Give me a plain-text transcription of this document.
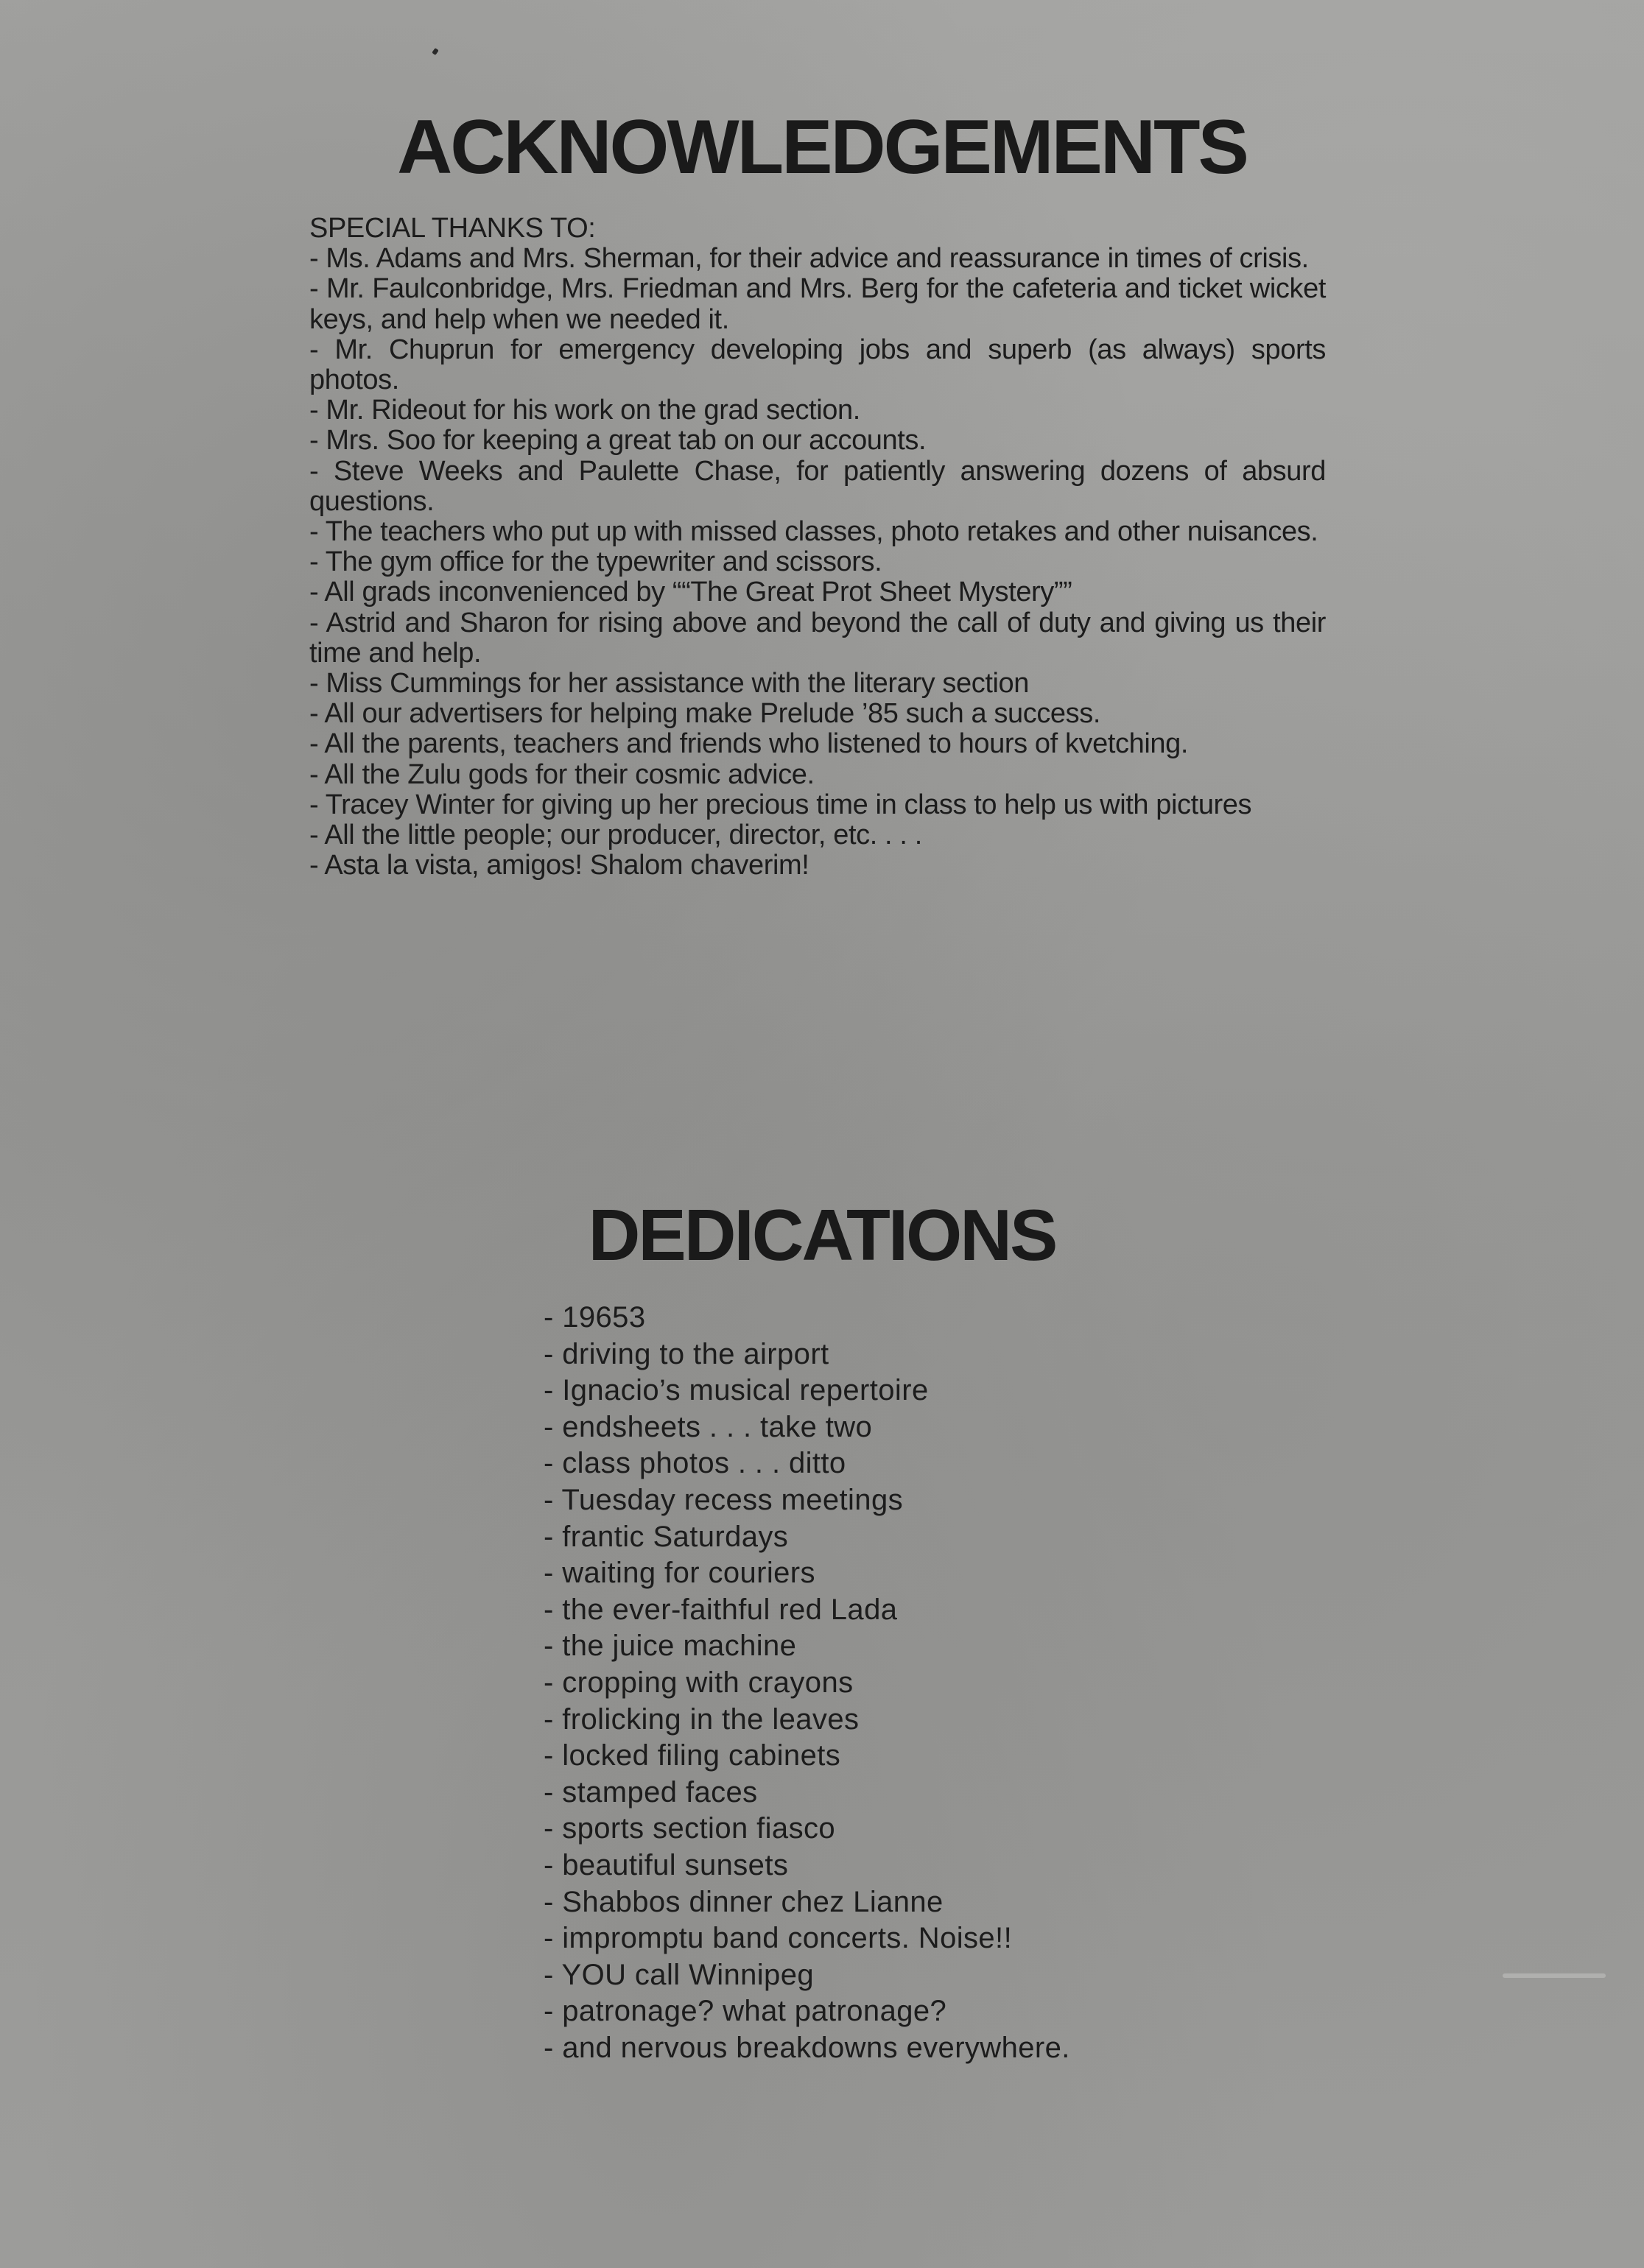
ACKNOWLEDGEMENTS
SPECIAL THANKS TO:
- Ms. Adams and Mrs. Sherman, for their advice and reassurance in times of crisis.
- Mr. Faulconbridge, Mrs. Friedman and Mrs. Berg for the cafeteria and ticket wicket keys, and help when we needed it.
- Mr. Chuprun for emergency developing jobs and superb (as always) sports photos.
- Mr. Rideout for his work on the grad section.
- Mrs. Soo for keeping a great tab on our accounts.
- Steve Weeks and Paulette Chase, for patiently answering dozens of absurd questions.
- The teachers who put up with missed classes, photo retakes and other nuisances.
- The gym office for the typewriter and scissors.
- All grads inconvenienced by ““The Great Prot Sheet Mystery””
- Astrid and Sharon for rising above and beyond the call of duty and giving us their time and help.
- Miss Cummings for her assistance with the literary section
- All our advertisers for helping make Prelude ’85 such a success.
- All the parents, teachers and friends who listened to hours of kvetching.
- All the Zulu gods for their cosmic advice.
- Tracey Winter for giving up her precious time in class to help us with pictures
- All the little people; our producer, director, etc. . . .
- Asta la vista, amigos! Shalom chaverim!
DEDICATIONS
- 19653
- driving to the airport
- Ignacio’s musical repertoire
- endsheets . . . take two
- class photos . . . ditto
- Tuesday recess meetings
- frantic Saturdays
- waiting for couriers
- the ever-faithful red Lada
- the juice machine
- cropping with crayons
- frolicking in the leaves
- locked filing cabinets
- stamped faces
- sports section fiasco
- beautiful sunsets
- Shabbos dinner chez Lianne
- impromptu band concerts. Noise!!
- YOU call Winnipeg
- patronage? what patronage?
- and nervous breakdowns everywhere.
